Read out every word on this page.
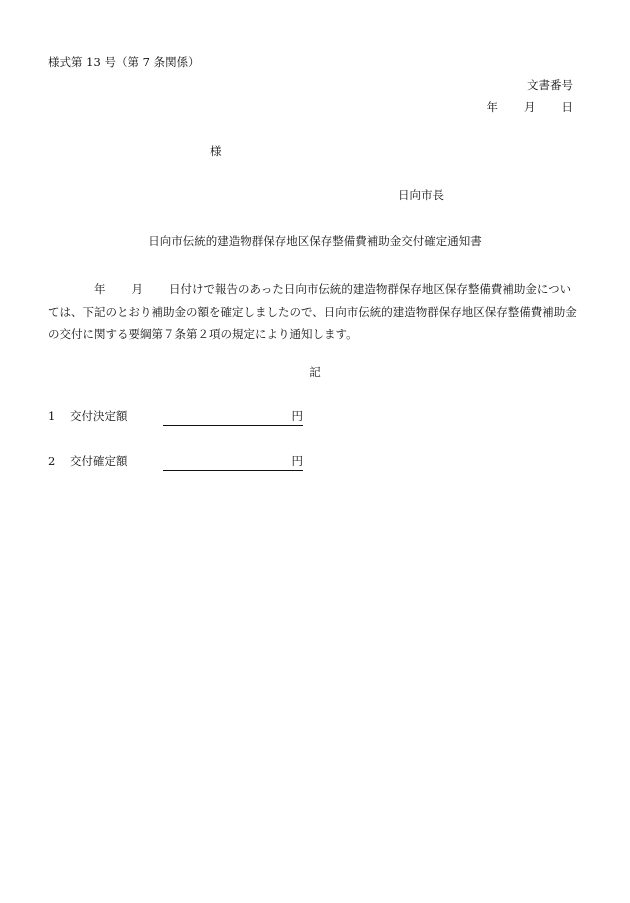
様式第 13 号（第 7 条関係）
文書番号
年 月 日
様
日向市長
日向市伝統的建造物群保存地区保存整備費補助金交付確定通知書
年 月 日付けで報告のあった日向市伝統的建造物群保存地区保存整備費補助金につい
ては、下記のとおり補助金の額を確定しましたので、日向市伝統的建造物群保存地区保存整備費補助金
の交付に関する要綱第７条第２項の規定により通知します。
記
1 交付決定額	円
2 交付確定額	円
